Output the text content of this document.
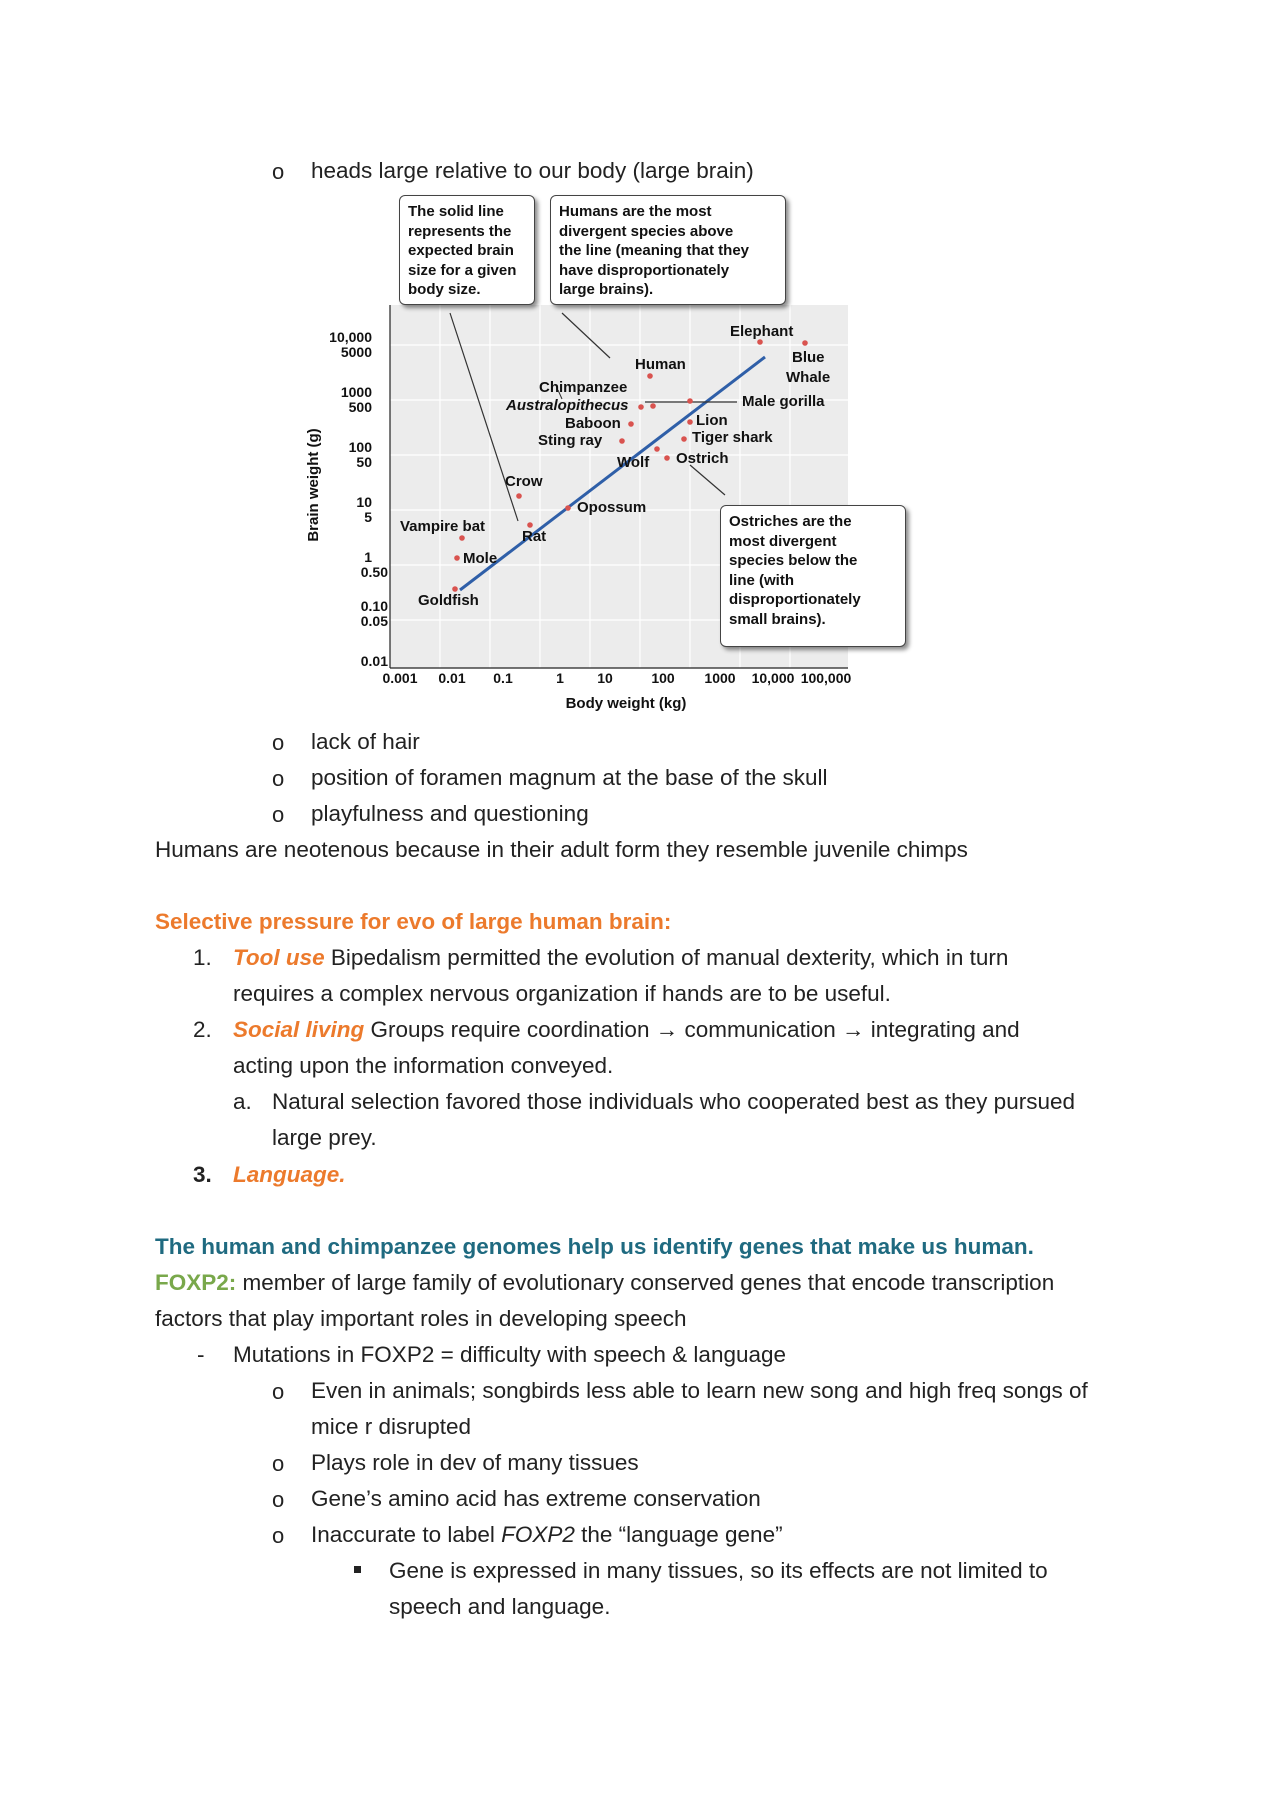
o heads large relative to our body (large brain)
Elephant
Blue
Whale
Human
Chimpanzee
Australopithecus	Male gorilla
Lion
Baboon
Tiger shark
Sting ray
Ostrich
Wolf
Crow
Opossum
Vampire bat
Rat
Mole
Goldfish
10,000
5000
1000
500
100
50
10
5
1
0.50
0.10
0.05
0.01
0.001 0.01 0.1	1 10	100 1000 10,000 100,000
Body weight (kg)
Brain weight (g)
The solid line
represents the
expected brain
size for a given
body size.
Humans are the most
divergent species above
the line (meaning that they
have disproportionately
large brains).
Ostriches are the
most divergent
species below the
line (with
disproportionately
small brains).
o lack of hair
o position of foramen magnum at the base of the skull
o playfulness and questioning
Humans are neotenous because in their adult form they resemble juvenile chimps
Selective pressure for evo of large human brain:
1. Tool use Bipedalism permitted the evolution of manual dexterity, which in turn
requires a complex nervous organization if hands are to be useful.
2. Social living Groups require coordination → communication → integrating and
acting upon the information conveyed.
a. Natural selection favored those individuals who cooperated best as they pursued
large prey.
3. Language.
The human and chimpanzee genomes help us identify genes that make us human.
FOXP2: member of large family of evolutionary conserved genes that encode transcription
factors that play important roles in developing speech
- Mutations in FOXP2 = difficulty with speech & language
o Even in animals; songbirds less able to learn new song and high freq songs of
mice r disrupted
o Plays role in dev of many tissues
o Gene’s amino acid has extreme conservation
o Inaccurate to label FOXP2 the “language gene”
Gene is expressed in many tissues, so its effects are not limited to
speech and language.
